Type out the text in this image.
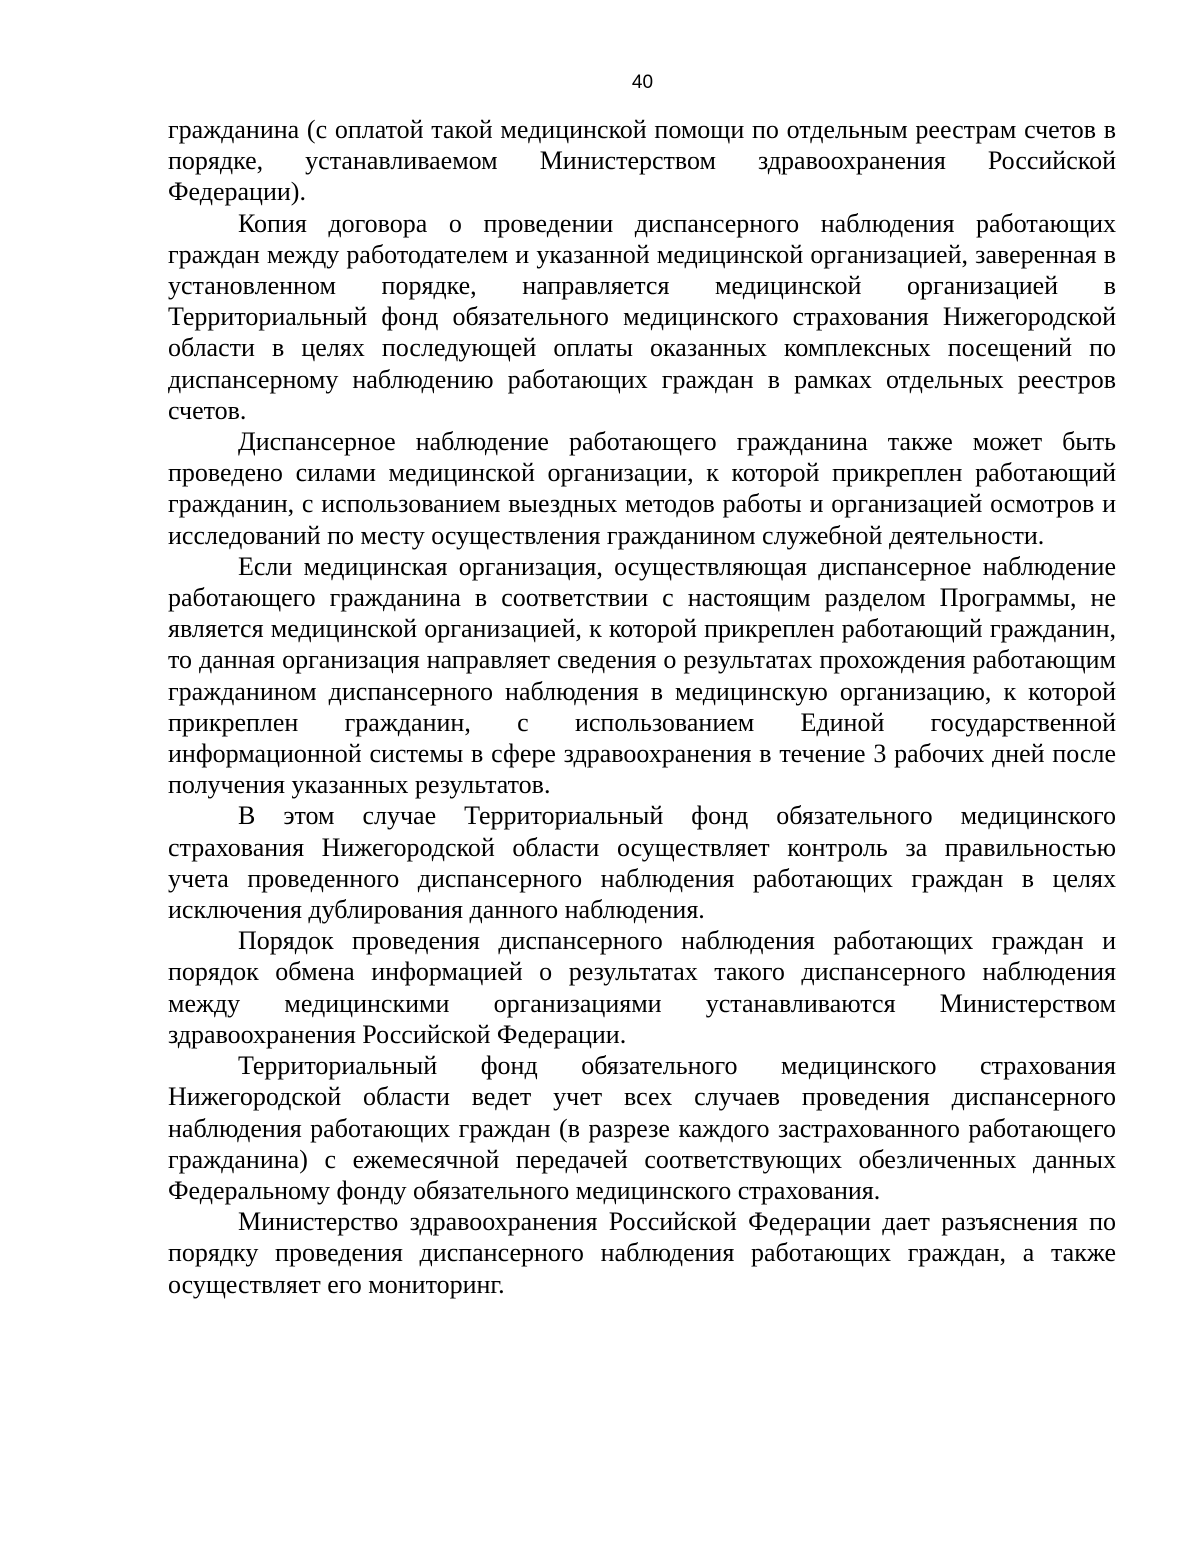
40

гражданина (с оплатой такой медицинской помощи по отдельным реестрам счетов в порядке, устанавливаемом Министерством здравоохранения Российской Федерации).

Копия договора о проведении диспансерного наблюдения работающих граждан между работодателем и указанной медицинской организацией, заверенная в установленном порядке, направляется медицинской организацией в Территориальный фонд обязательного медицинского страхования Нижегородской области в целях последующей оплаты оказанных комплексных посещений по диспансерному наблюдению работающих граждан в рамках отдельных реестров счетов.

Диспансерное наблюдение работающего гражданина также может быть проведено силами медицинской организации, к которой прикреплен работающий гражданин, с использованием выездных методов работы и организацией осмотров и исследований по месту осуществления гражданином служебной деятельности.

Если медицинская организация, осуществляющая диспансерное наблюдение работающего гражданина в соответствии с настоящим разделом Программы, не является медицинской организацией, к которой прикреплен работающий гражданин, то данная организация направляет сведения о результатах прохождения работающим гражданином диспансерного наблюдения в медицинскую организацию, к которой прикреплен гражданин, с использованием Единой государственной информационной системы в сфере здравоохранения в течение 3 рабочих дней после получения указанных результатов.

В этом случае Территориальный фонд обязательного медицинского страхования Нижегородской области осуществляет контроль за правильностью учета проведенного диспансерного наблюдения работающих граждан в целях исключения дублирования данного наблюдения.

Порядок проведения диспансерного наблюдения работающих граждан и порядок обмена информацией о результатах такого диспансерного наблюдения между медицинскими организациями устанавливаются Министерством здравоохранения Российской Федерации.

Территориальный фонд обязательного медицинского страхования Нижегородской области ведет учет всех случаев проведения диспансерного наблюдения работающих граждан (в разрезе каждого застрахованного работающего гражданина) с ежемесячной передачей соответствующих обезличенных данных Федеральному фонду обязательного медицинского страхования.

Министерство здравоохранения Российской Федерации дает разъяснения по порядку проведения диспансерного наблюдения работающих граждан, а также осуществляет его мониторинг.
